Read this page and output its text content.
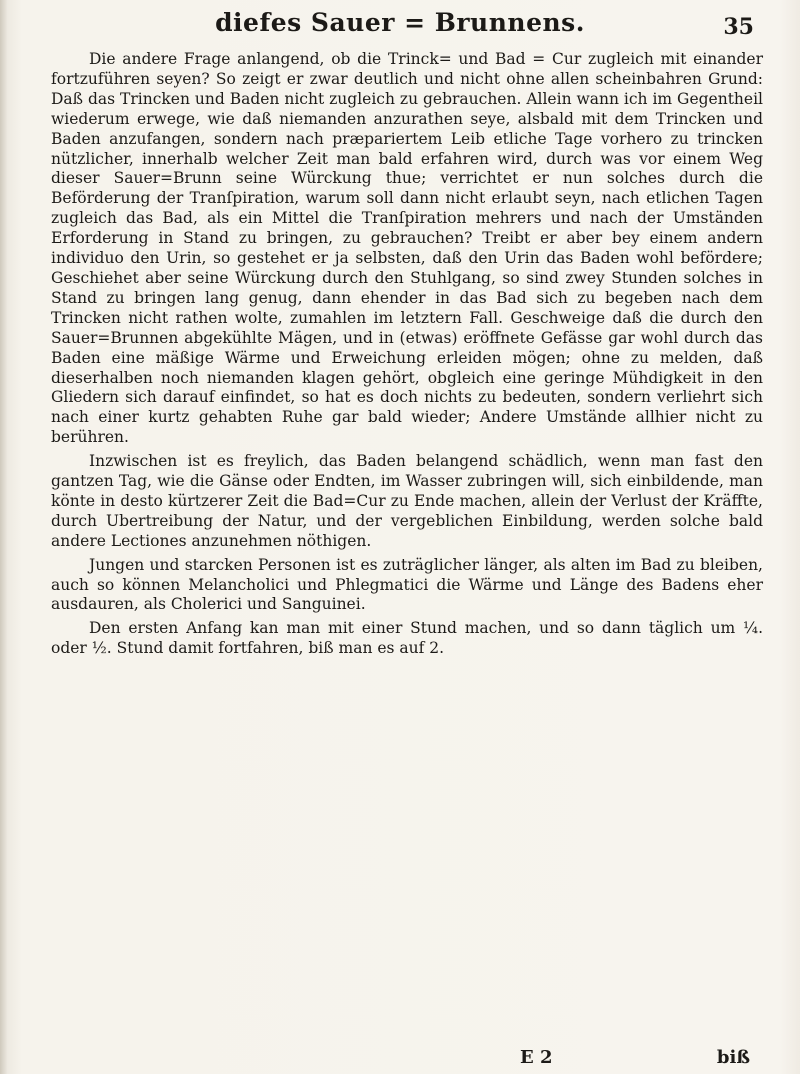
diefes Sauer = Brunnens.	35

Die andere Frage anlangend, ob die Trinck= und Bad = Cur zugleich mit einander fortzuführen seyen? So zeigt er zwar deutlich und nicht ohne allen scheinbahren Grund: Daß das Trincken und Baden nicht zugleich zu gebrauchen. Allein wann ich im Gegentheil wiederum erwege, wie daß niemanden anzurathen seye, alsbald mit dem Trincken und Baden anzufangen, sondern nach præpariertem Leib etliche Tage vorhero zu trincken nützlicher, innerhalb welcher Zeit man bald erfahren wird, durch was vor einem Weg dieser Sauer=Brunn seine Würckung thue; verrichtet er nun solches durch die Beförderung der Tranſpiration, warum soll dann nicht erlaubt seyn, nach etlichen Tagen zugleich das Bad, als ein Mittel die Tranſpiration mehrers und nach der Umständen Erforderung in Stand zu bringen, zu gebrauchen? Treibt er aber bey einem andern individuo den Urin, so gestehet er ja selbsten, daß den Urin das Baden wohl befördere; Geschiehet aber seine Würckung durch den Stuhlgang, so sind zwey Stunden solches in Stand zu bringen lang genug, dann ehender in das Bad sich zu begeben nach dem Trincken nicht rathen wolte, zumahlen im letztern Fall. Geschweige daß die durch den Sauer=Brunnen abgekühlte Mägen, und in (etwas) eröffnete Gefässe gar wohl durch das Baden eine mäßige Wärme und Erweichung erleiden mögen; ohne zu melden, daß dieserhalben noch niemanden klagen gehört, obgleich eine geringe Mühdigkeit in den Gliedern sich darauf einfindet, so hat es doch nichts zu bedeuten, sondern verliehrt sich nach einer kurtz gehabten Ruhe gar bald wieder; Andere Umstände allhier nicht zu berühren.

Inzwischen ist es freylich, das Baden belangend schädlich, wenn man fast den gantzen Tag, wie die Gänse oder Endten, im Wasser zubringen will, sich einbildende, man könte in desto kürtzerer Zeit die Bad=Cur zu Ende machen, allein der Verlust der Kräffte, durch Ubertreibung der Natur, und der vergeblichen Einbildung, werden solche bald andere Lectiones anzunehmen nöthigen.

Jungen und starcken Personen ist es zuträglicher länger, als alten im Bad zu bleiben, auch so können Melancholici und Phlegmatici die Wärme und Länge des Badens eher ausdauren, als Cholerici und Sanguinei.

Den ersten Anfang kan man mit einer Stund machen, und so dann täglich um ¼. oder ½. Stund damit fortfahren, biß man es auf 2.

E 2	biß
